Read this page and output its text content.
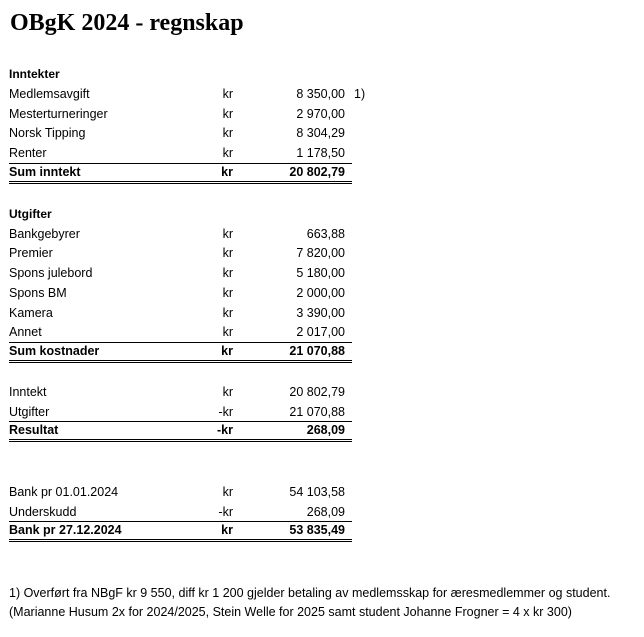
OBgK 2024 - regnskap
Inntekter
Medlemsavgift	kr	8 350,00 1)
Mesterturneringer	kr	2 970,00
Norsk Tipping	kr	8 304,29
Renter	kr	1 178,50
Sum inntekt	kr	20 802,79
Utgifter
Bankgebyrer	kr	663,88
Premier	kr	7 820,00
Spons julebord	kr	5 180,00
Spons BM	kr	2 000,00
Kamera	kr	3 390,00
Annet	kr	2 017,00
Sum kostnader	kr	21 070,88
Inntekt	kr	20 802,79
Utgifter	-kr	21 070,88
Resultat	-kr	268,09
Bank pr 01.01.2024	kr	54 103,58
Underskudd	-kr	268,09
Bank pr 27.12.2024	kr	53 835,49
1) Overført fra NBgF kr 9 550, diff kr 1 200 gjelder betaling av medlemsskap for æresmedlemmer og student.
(Marianne Husum 2x for 2024/2025, Stein Welle for 2025 samt student Johanne Frogner = 4 x kr 300)
